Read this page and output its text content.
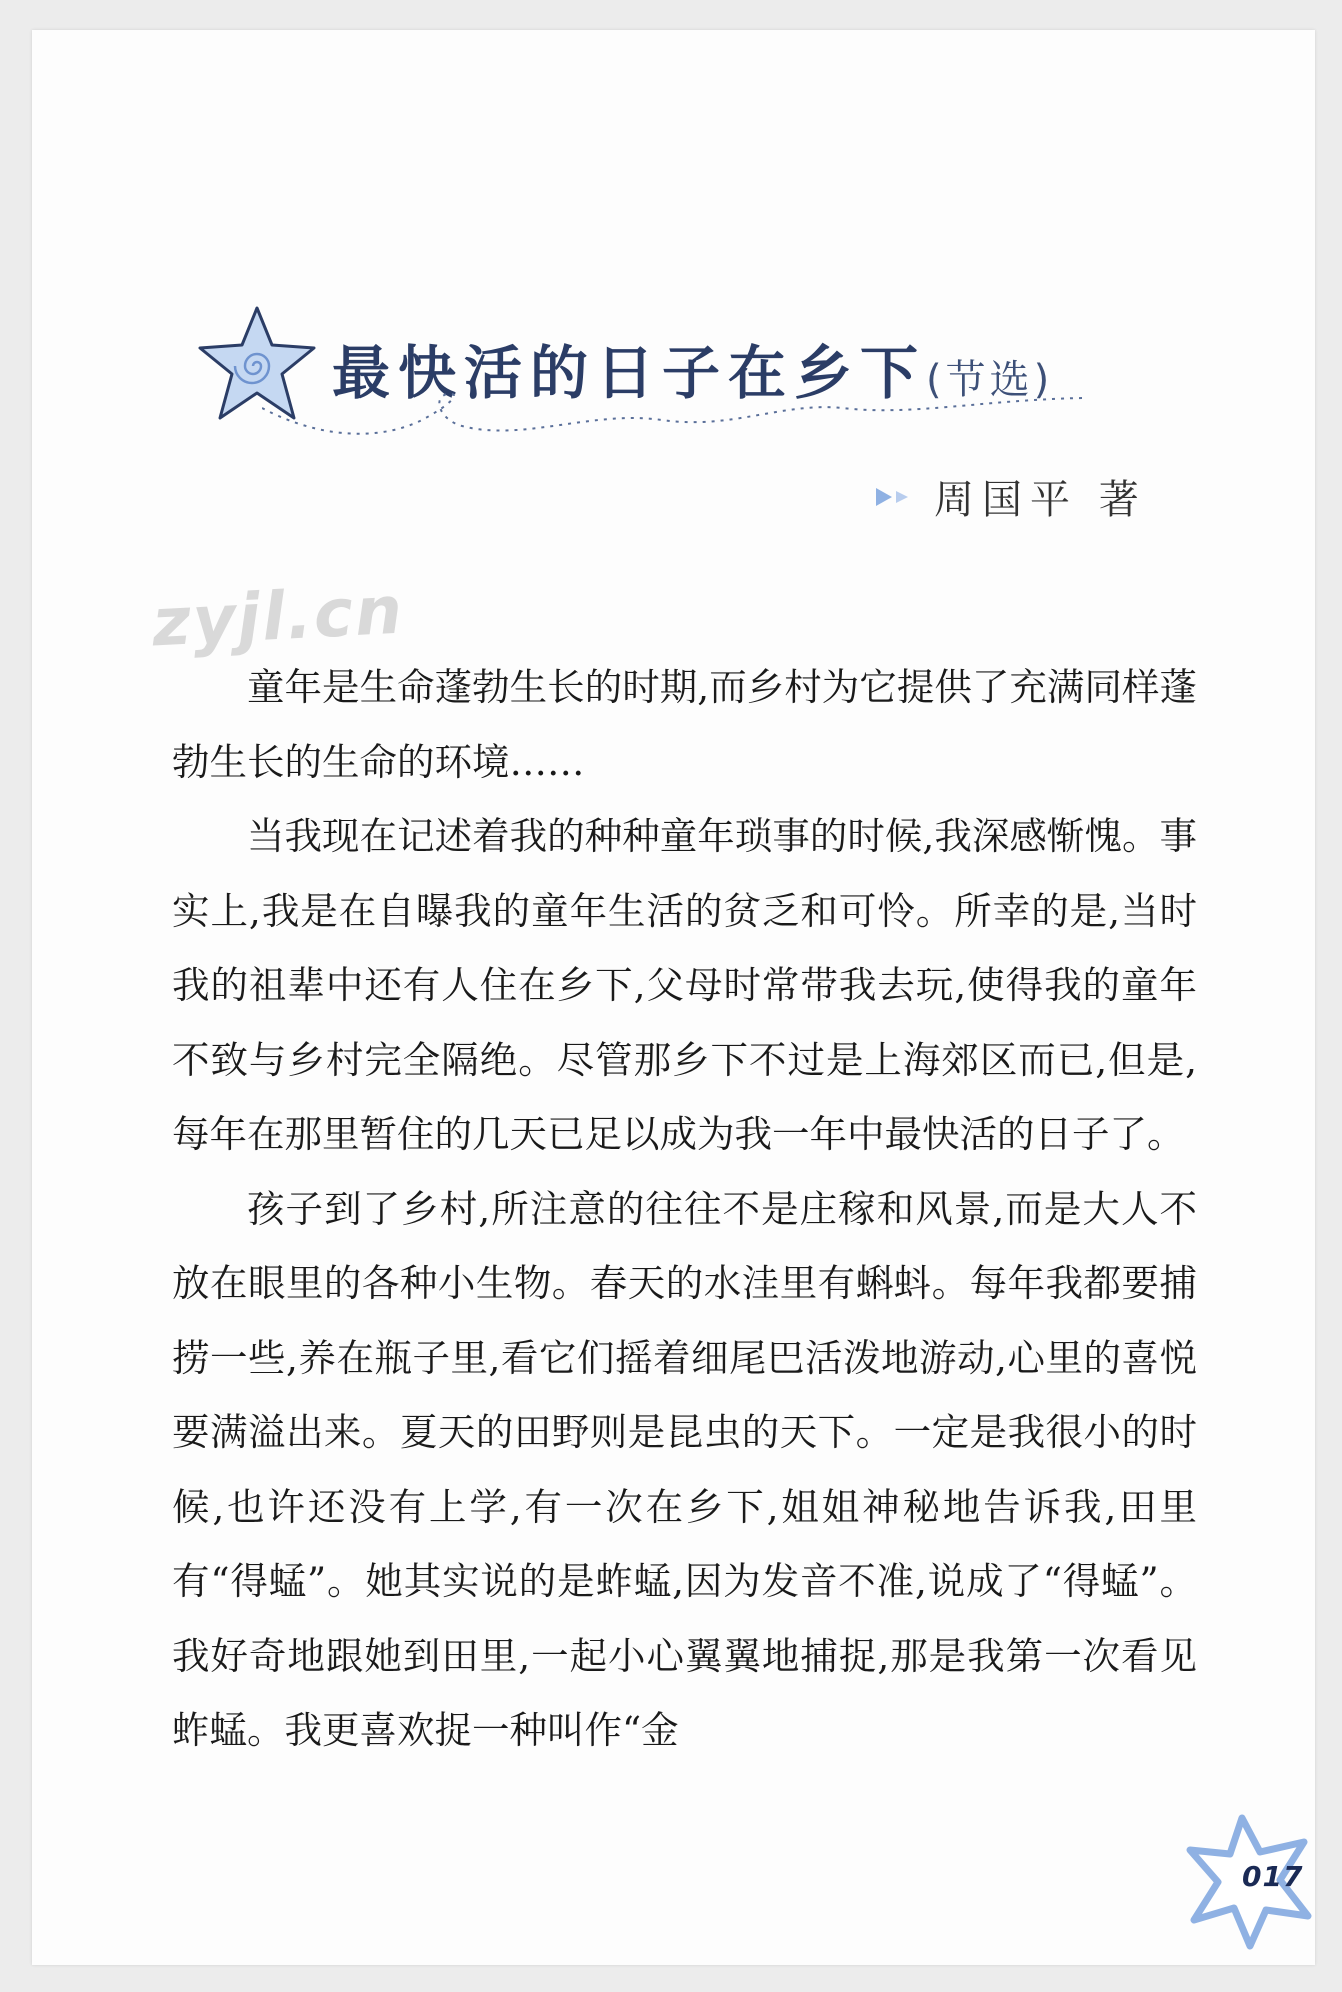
最快活的日子在乡下(节选)
周国平 著
zyjl.cn

童年是生命蓬勃生长的时期,而乡村为它提供了充满同样蓬勃生长的生命的环境……

当我现在记述着我的种种童年琐事的时候,我深感惭愧。事实上,我是在自曝我的童年生活的贫乏和可怜。所幸的是,当时我的祖辈中还有人住在乡下,父母时常带我去玩,使得我的童年不致与乡村完全隔绝。尽管那乡下不过是上海郊区而已,但是,每年在那里暂住的几天已足以成为我一年中最快活的日子了。

孩子到了乡村,所注意的往往不是庄稼和风景,而是大人不放在眼里的各种小生物。春天的水洼里有蝌蚪。每年我都要捕捞一些,养在瓶子里,看它们摇着细尾巴活泼地游动,心里的喜悦要满溢出来。夏天的田野则是昆虫的天下。一定是我很小的时候,也许还没有上学,有一次在乡下,姐姐神秘地告诉我,田里有“得蜢”。她其实说的是蚱蜢,因为发音不准,说成了“得蜢”。我好奇地跟她到田里,一起小心翼翼地捕捉,那是我第一次看见蚱蜢。我更喜欢捉一种叫作“金

017
